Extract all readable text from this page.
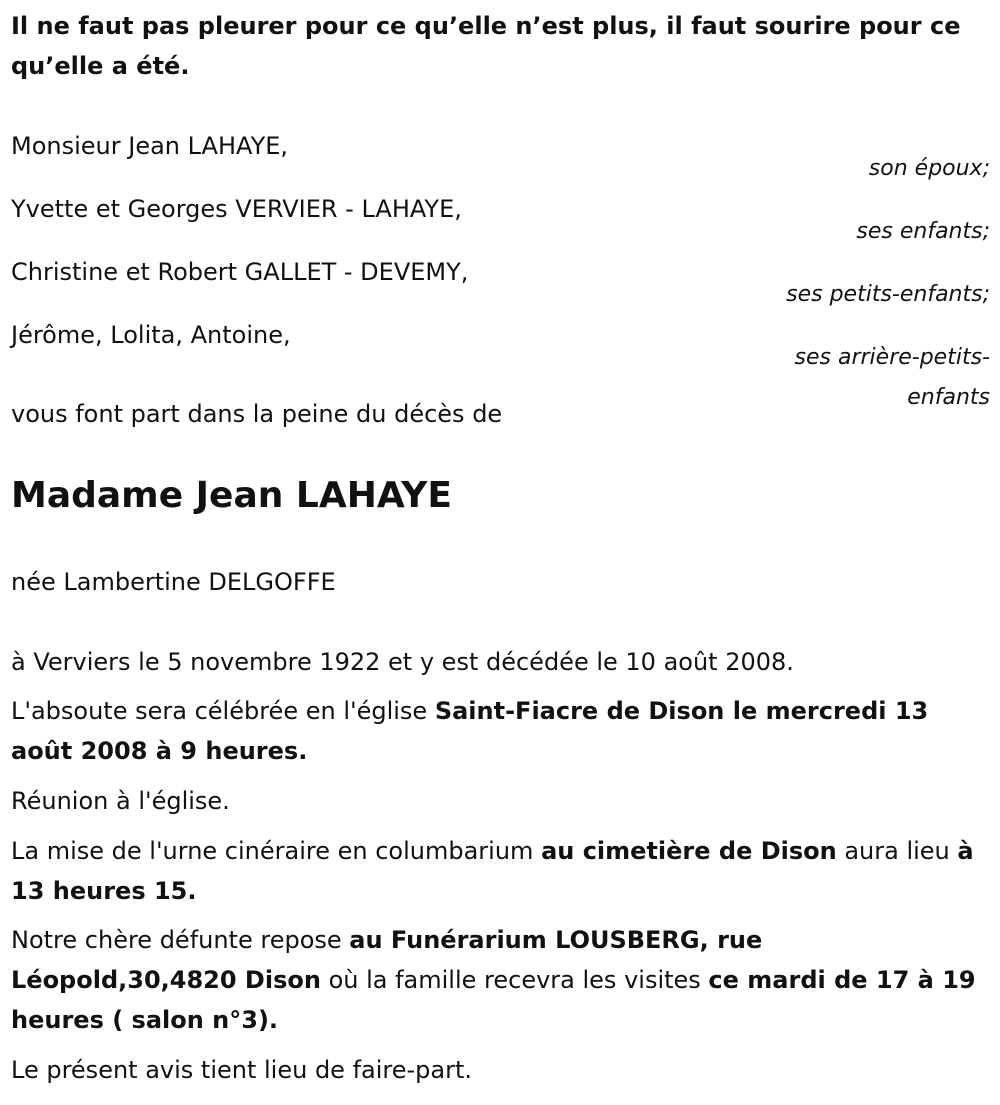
Il ne faut pas pleurer pour ce qu’elle n’est plus, il faut sourire pour ce qu’elle a été.

Monsieur Jean LAHAYE,

son époux;

Yvette et Georges VERVIER - LAHAYE,

ses enfants;

Christine et Robert GALLET - DEVEMY,

ses petits-enfants;

Jérôme, Lolita, Antoine,

ses arrière-petits-

enfants

vous font part dans la peine du décès de

Madame Jean LAHAYE

née Lambertine DELGOFFE

à Verviers le 5 novembre 1922 et y est décédée le 10 août 2008.

L'absoute sera célébrée en l'église Saint-Fiacre de Dison le mercredi 13 août 2008 à 9 heures.

Réunion à l'église.

La mise de l'urne cinéraire en columbarium au cimetière de Dison aura lieu à 13 heures 15.

Notre chère défunte repose au Funérarium LOUSBERG, rue Léopold,30,4820 Dison où la famille recevra les visites ce mardi de 17 à 19 heures ( salon n°3).

Le présent avis tient lieu de faire-part.
